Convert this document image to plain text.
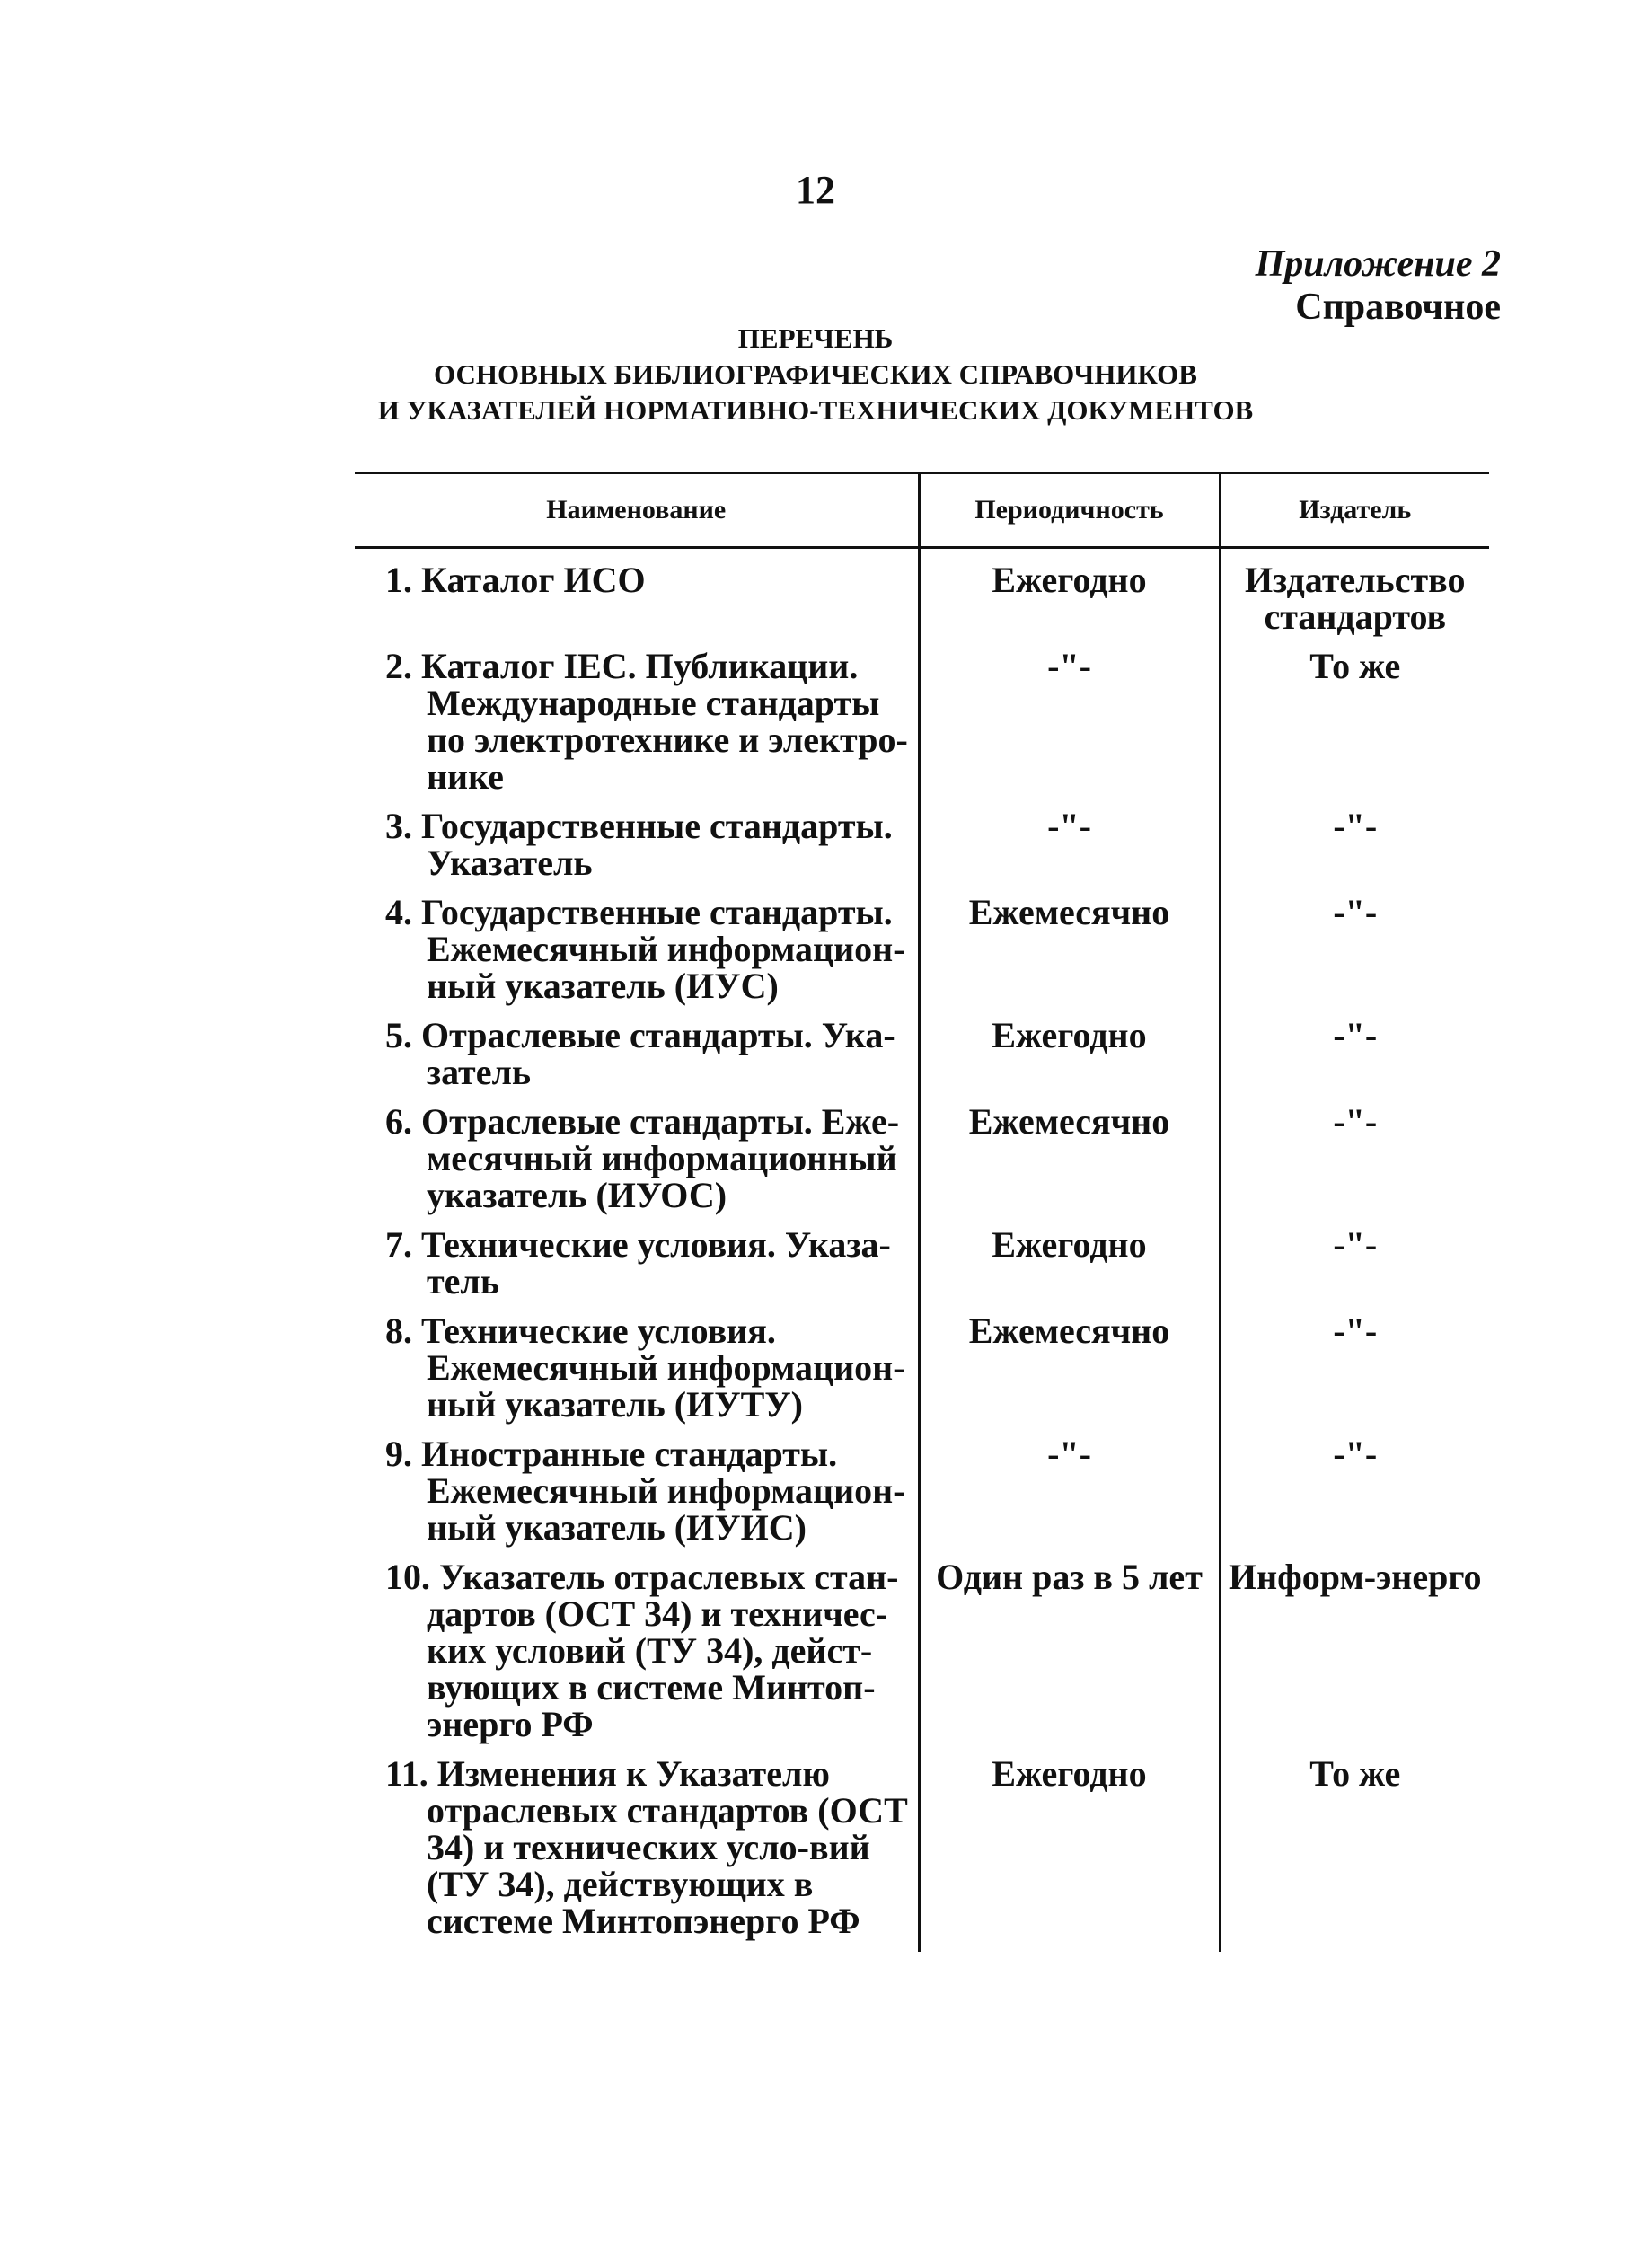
12
Приложение 2
Справочное
ПЕРЕЧЕНЬ
ОСНОВНЫХ БИБЛИОГРАФИЧЕСКИХ СПРАВОЧНИКОВ
И УКАЗАТЕЛЕЙ НОРМАТИВНО-ТЕХНИЧЕСКИХ ДОКУМЕНТОВ
Наименование	Периодичность	Издатель
1. Каталог ИСО	Ежегодно	Издательство стандартов
2. Каталог IEC. Публикации. Международные стандарты по электротехнике и электро-нике	-"-	То же
3. Государственные стандарты. Указатель	-"-	-"-
4. Государственные стандарты. Ежемесячный информацион-ный указатель (ИУС)	Ежемесячно	-"-
5. Отраслевые стандарты. Ука-затель	Ежегодно	-"-
6. Отраслевые стандарты. Еже-месячный информационный указатель (ИУОС)	Ежемесячно	-"-
7. Технические условия. Указа-тель	Ежегодно	-"-
8. Технические условия. Ежемесячный информацион-ный указатель (ИУТУ)	Ежемесячно	-"-
9. Иностранные стандарты. Ежемесячный информацион-ный указатель (ИУИС)	-"-	-"-
10. Указатель отраслевых стан-дартов (ОСТ 34) и техничес-ких условий (ТУ 34), дейст-вующих в системе Минтоп-энерго РФ	Один раз в 5 лет	Информ-энерго
11. Изменения к Указателю отраслевых стандартов (ОСТ 34) и технических усло-вий (ТУ 34), действующих в системе Минтопэнерго РФ	Ежегодно	То же
